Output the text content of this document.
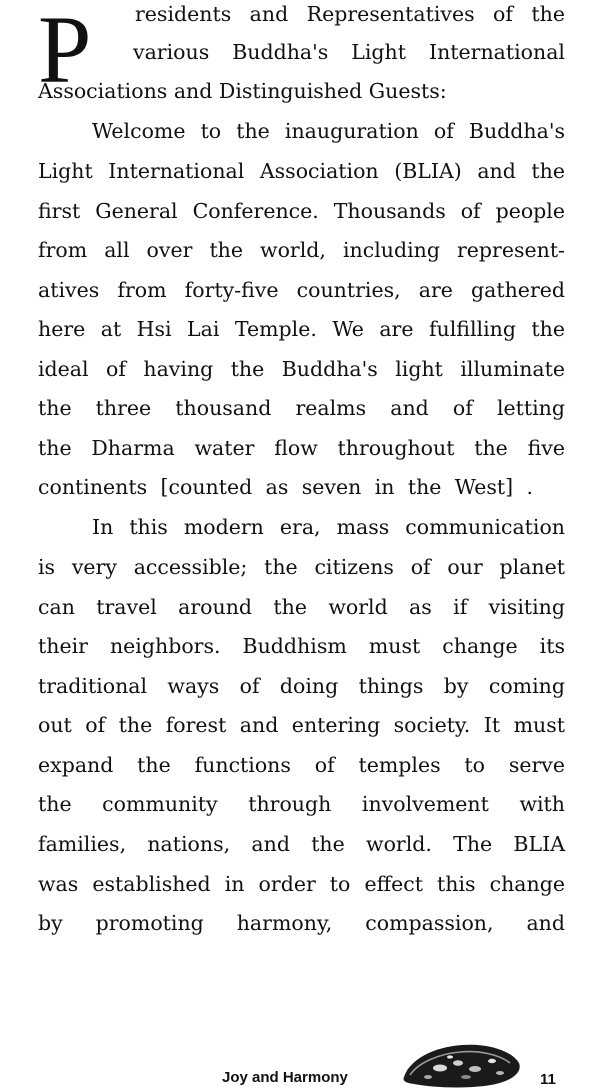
P residents and Representatives of the
various Buddha's Light International
Associations and Distinguished Guests:
Welcome to the inauguration of Buddha's
Light International Association (BLIA) and the
first General Conference. Thousands of people
from all over the world, including represent-
atives from forty-five countries, are gathered
here at Hsi Lai Temple. We are fulfilling the
ideal of having the Buddha's light illuminate
the three thousand realms and of letting
the Dharma water flow throughout the five
continents [counted as seven in the West] .
In this modern era, mass communication
is very accessible; the citizens of our planet
can travel around the world as if visiting
their neighbors. Buddhism must change its
traditional ways of doing things by coming
out of the forest and entering society. It must
expand the functions of temples to serve
the community through involvement with
families, nations, and the world. The BLIA
was established in order to effect this change
by promoting harmony, compassion, and
Joy and Harmony	11
